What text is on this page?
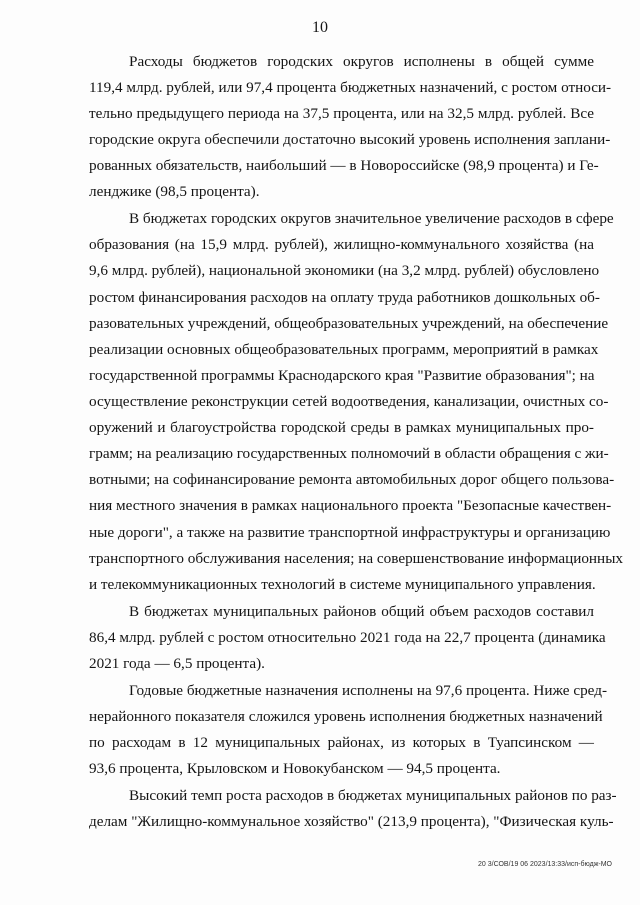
10
Расходы бюджетов городских округов исполнены в общей сумме
119,4 млрд. рублей, или 97,4 процента бюджетных назначений, с ростом относи-
тельно предыдущего периода на 37,5 процента, или на 32,5 млрд. рублей. Все
городские округа обеспечили достаточно высокий уровень исполнения заплани-
рованных обязательств, наибольший — в Новороссийске (98,9 процента) и Ге-
ленджике (98,5 процента).
В бюджетах городских округов значительное увеличение расходов в сфере
образования (на 15,9 млрд. рублей), жилищно-коммунального хозяйства (на
9,6 млрд. рублей), национальной экономики (на 3,2 млрд. рублей) обусловлено
ростом финансирования расходов на оплату труда работников дошкольных об-
разовательных учреждений, общеобразовательных учреждений, на обеспечение
реализации основных общеобразовательных программ, мероприятий в рамках
государственной программы Краснодарского края "Развитие образования"; на
осуществление реконструкции сетей водоотведения, канализации, очистных со-
оружений и благоустройства городской среды в рамках муниципальных про-
грамм; на реализацию государственных полномочий в области обращения с жи-
вотными; на софинансирование ремонта автомобильных дорог общего пользова-
ния местного значения в рамках национального проекта "Безопасные качествен-
ные дороги", а также на развитие транспортной инфраструктуры и организацию
транспортного обслуживания населения; на совершенствование информационных
и телекоммуникационных технологий в системе муниципального управления.
В бюджетах муниципальных районов общий объем расходов составил
86,4 млрд. рублей с ростом относительно 2021 года на 22,7 процента (динамика
2021 года — 6,5 процента).
Годовые бюджетные назначения исполнены на 97,6 процента. Ниже сред-
нерайонного показателя сложился уровень исполнения бюджетных назначений
по расходам в 12 муниципальных районах, из которых в Туапсинском —
93,6 процента, Крыловском и Новокубанском — 94,5 процента.
Высокий темп роста расходов в бюджетах муниципальных районов по раз-
делам "Жилищно-коммунальное хозяйство" (213,9 процента), "Физическая куль-
20 3/СОВ/19 06 2023/13:33/исп-бюдж-МО
